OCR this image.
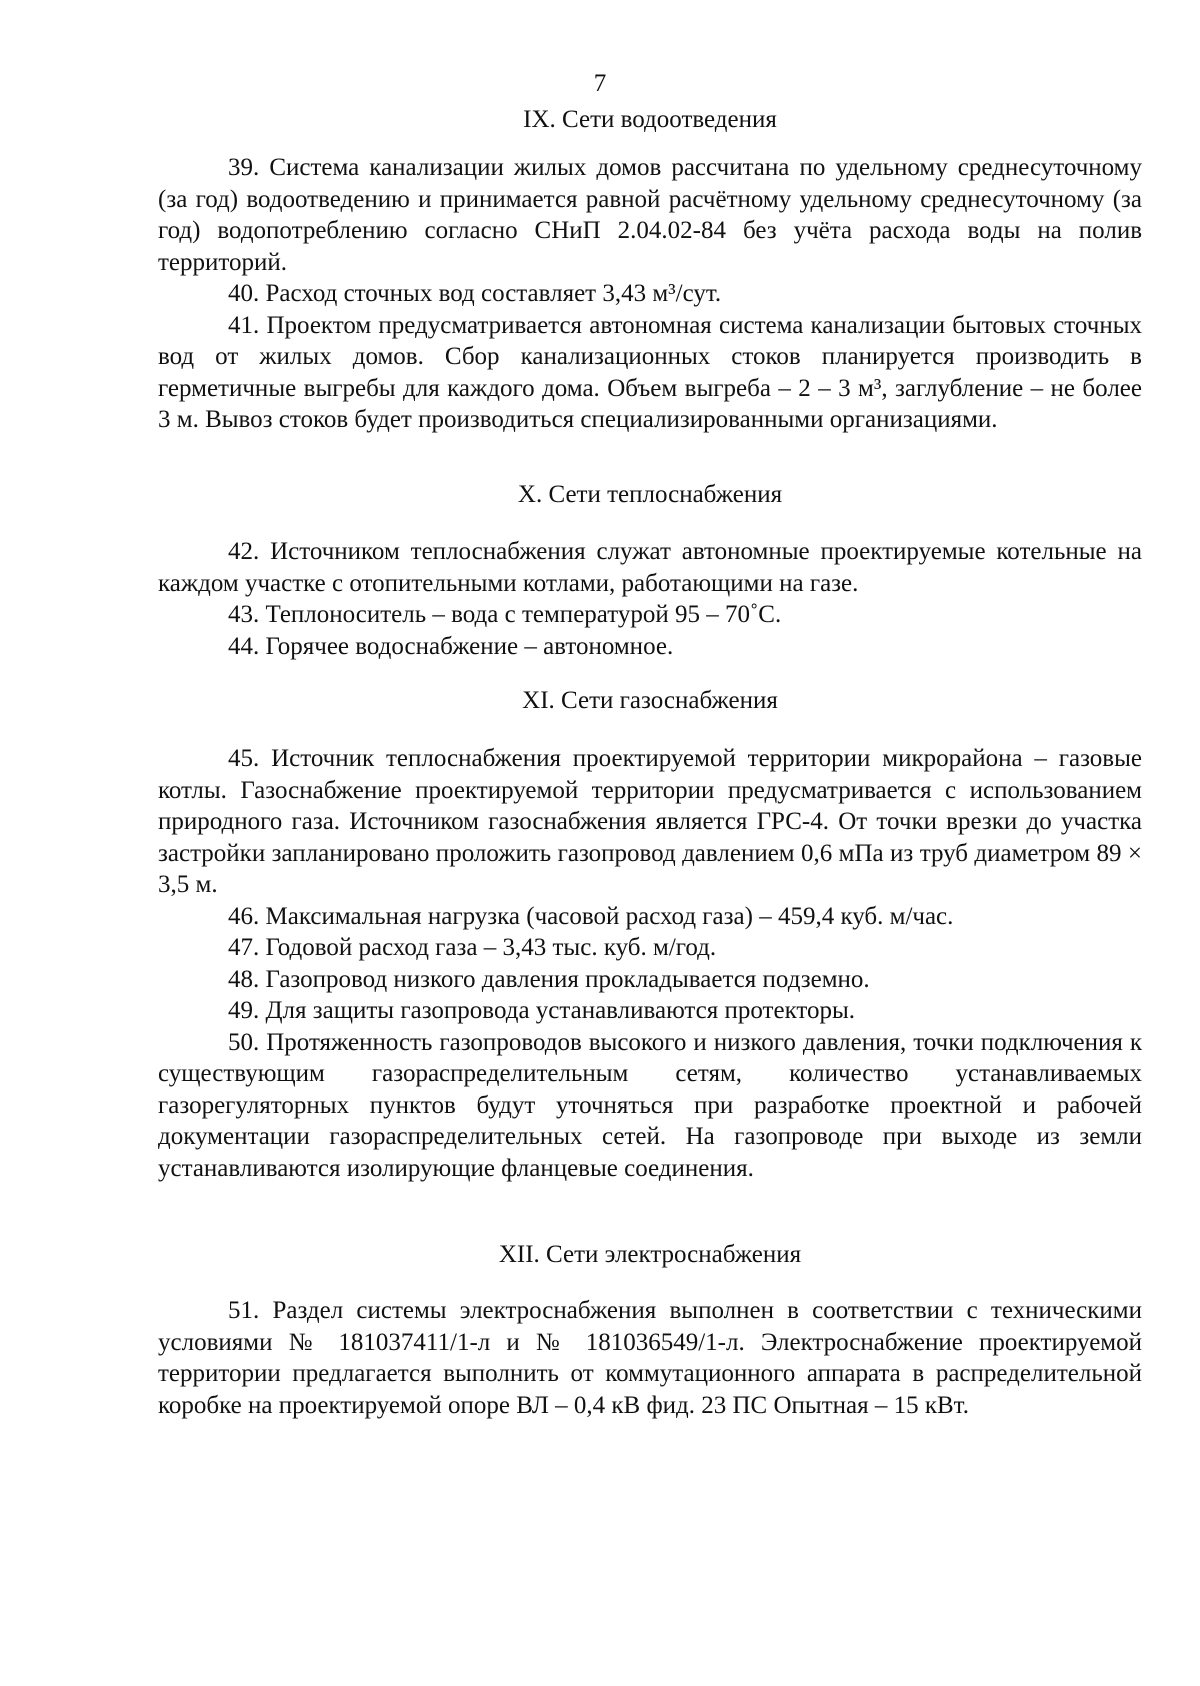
7

IX. Сети водоотведения

39. Система канализации жилых домов рассчитана по удельному среднесуточному (за год) водоотведению и принимается равной расчётному удельному среднесуточному (за год) водопотреблению согласно СНиП 2.04.02-84 без учёта расхода воды на полив территорий.

40. Расход сточных вод составляет 3,43 м³/сут.

41. Проектом предусматривается автономная система канализации бытовых сточных вод от жилых домов. Сбор канализационных стоков планируется производить в герметичные выгребы для каждого дома. Объем выгреба – 2 – 3 м³, заглубление – не более 3 м. Вывоз стоков будет производиться специализированными организациями.

X. Сети теплоснабжения

42. Источником теплоснабжения служат автономные проектируемые котельные на каждом участке с отопительными котлами, работающими на газе.

43. Теплоноситель – вода с температурой 95 – 70˚С.

44. Горячее водоснабжение – автономное.

XI. Сети газоснабжения

45. Источник теплоснабжения проектируемой территории микрорайона – газовые котлы. Газоснабжение проектируемой территории предусматривается с использованием природного газа. Источником газоснабжения является ГРС-4. От точки врезки до участка застройки запланировано проложить газопровод давлением 0,6 мПа из труб диаметром 89 × 3,5 м.

46. Максимальная нагрузка (часовой расход газа) – 459,4 куб. м/час.

47. Годовой расход газа – 3,43 тыс. куб. м/год.

48. Газопровод низкого давления прокладывается подземно.

49. Для защиты газопровода устанавливаются протекторы.

50. Протяженность газопроводов высокого и низкого давления, точки подключения к существующим газораспределительным сетям, количество устанавливаемых газорегуляторных пунктов будут уточняться при разработке проектной и рабочей документации газораспределительных сетей. На газопроводе при выходе из земли устанавливаются изолирующие фланцевые соединения.

XII. Сети электроснабжения

51. Раздел системы электроснабжения выполнен в соответствии с техническими условиями № 181037411/1-л и № 181036549/1-л. Электроснабжение проектируемой территории предлагается выполнить от коммутационного аппарата в распределительной коробке на проектируемой опоре ВЛ – 0,4 кВ фид. 23 ПС Опытная – 15 кВт.
